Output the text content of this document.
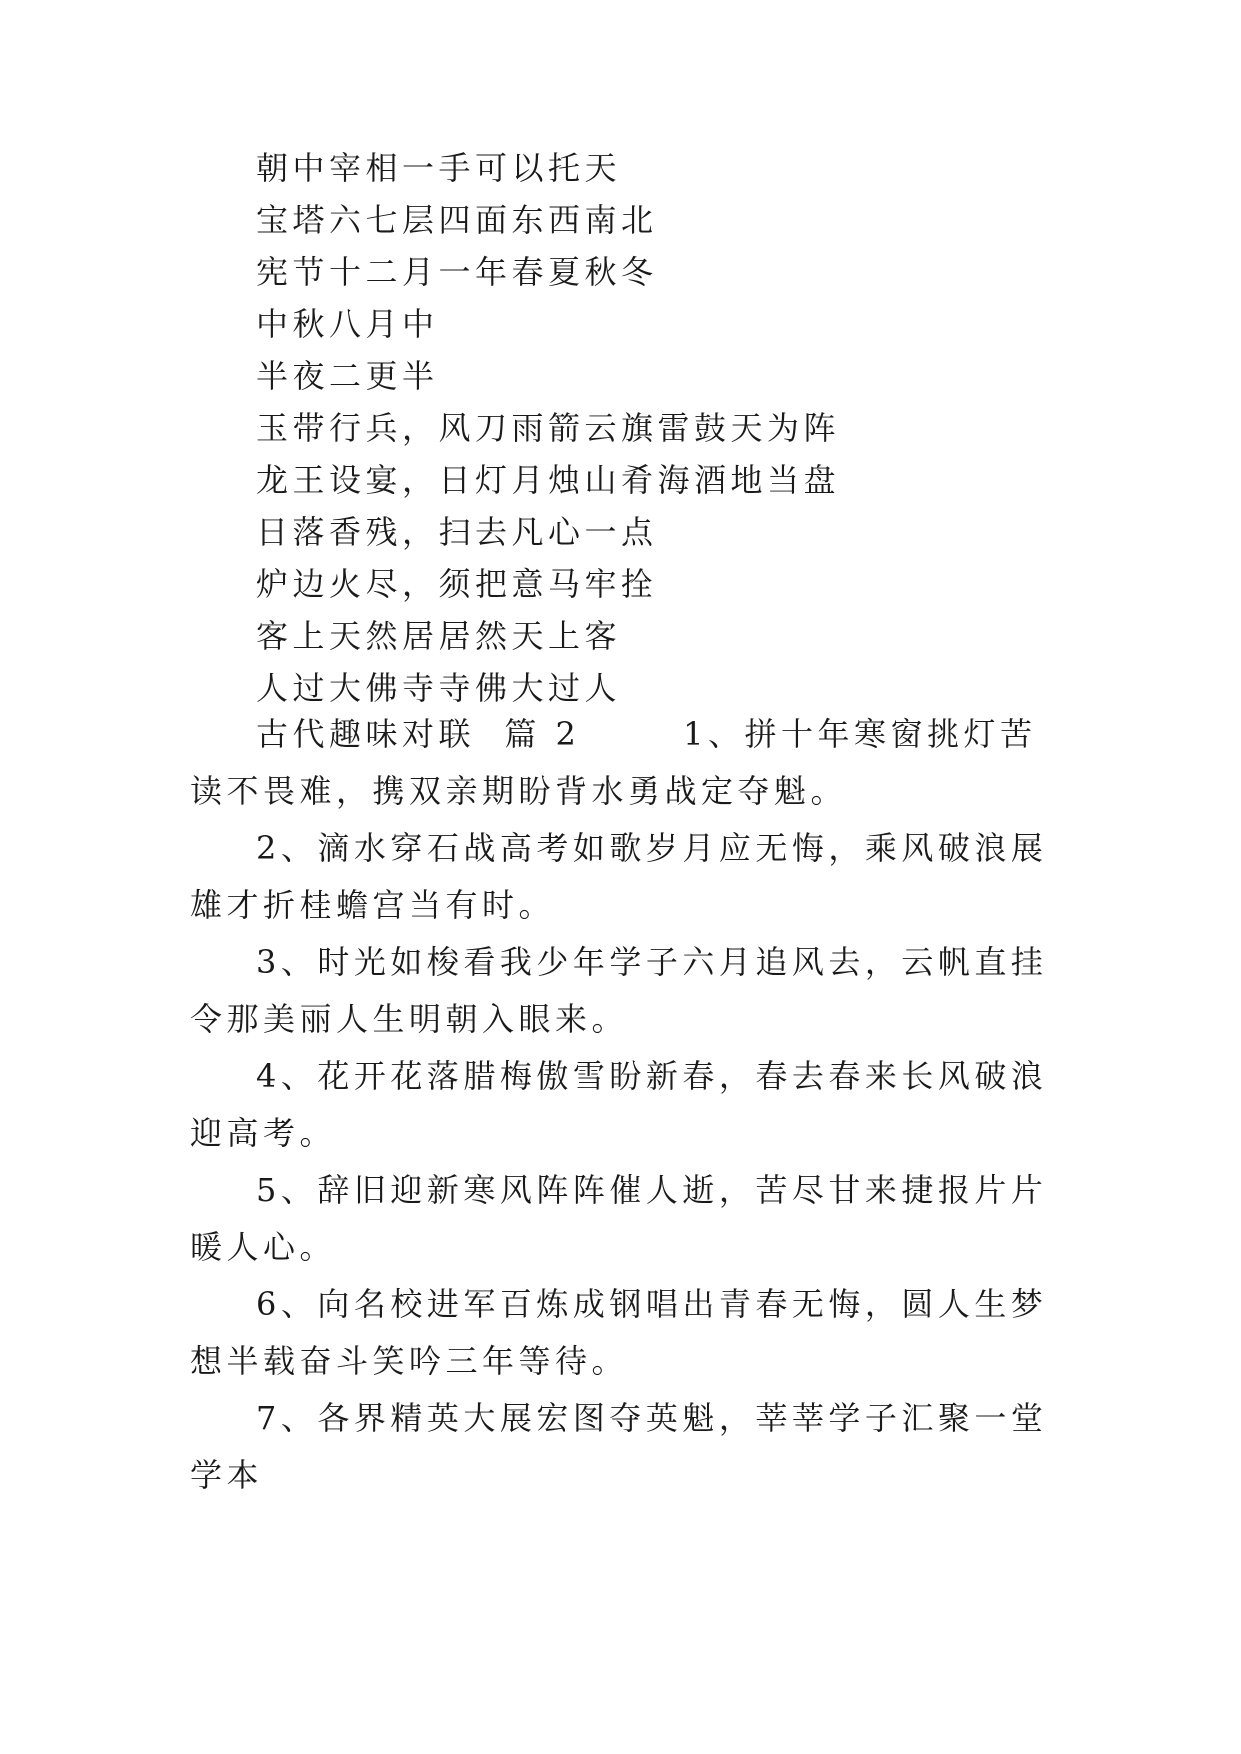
朝中宰相一手可以托天
宝塔六七层四面东西南北
宪节十二月一年春夏秋冬
中秋八月中
半夜二更半
玉带行兵，风刀雨箭云旗雷鼓天为阵
龙王设宴，日灯月烛山肴海酒地当盘
日落香残，扫去凡心一点
炉边火尽，须把意马牢拴
客上天然居居然天上客
人过大佛寺寺佛大过人

古代趣味对联  篇 2       1、拼十年寒窗挑灯苦读不畏难，携双亲期盼背水勇战定夺魁。

2、滴水穿石战高考如歌岁月应无悔，乘风破浪展雄才折桂蟾宫当有时。

3、时光如梭看我少年学子六月追风去，云帆直挂令那美丽人生明朝入眼来。

4、花开花落腊梅傲雪盼新春，春去春来长风破浪迎高考。

5、辞旧迎新寒风阵阵催人逝，苦尽甘来捷报片片暖人心。

6、向名校进军百炼成钢唱出青春无悔，圆人生梦想半载奋斗笑吟三年等待。

7、各界精英大展宏图夺英魁，莘莘学子汇聚一堂学本
